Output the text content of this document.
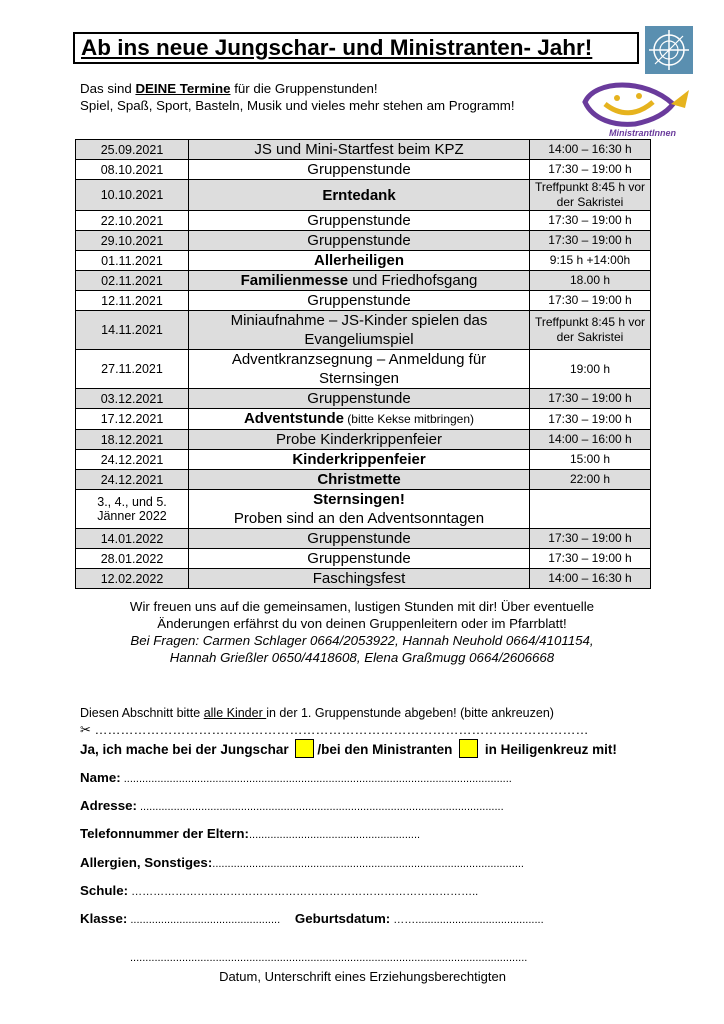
Ab ins neue Jungschar- und Ministranten- Jahr!
Das sind DEINE Termine für die Gruppenstunden!
Spiel, Spaß, Sport, Basteln, Musik und vieles mehr stehen am Programm!
MinistrantInnen
25.09.2021	JS und Mini-Startfest beim KPZ	14:00 – 16:30 h
08.10.2021	Gruppenstunde	17:30 – 19:00 h
10.10.2021	Erntedank	Treffpunkt 8:45 h vor der Sakristei
22.10.2021	Gruppenstunde	17:30 – 19:00 h
29.10.2021	Gruppenstunde	17:30 – 19:00 h
01.11.2021	Allerheiligen	9:15 h +14:00h
02.11.2021	Familienmesse und Friedhofsgang	18.00 h
12.11.2021	Gruppenstunde	17:30 – 19:00 h
14.11.2021	Miniaufnahme – JS-Kinder spielen das Evangeliumspiel	Treffpunkt 8:45 h vor der Sakristei
27.11.2021	Adventkranzsegnung – Anmeldung für Sternsingen	19:00 h
03.12.2021	Gruppenstunde	17:30 – 19:00 h
17.12.2021	Adventstunde (bitte Kekse mitbringen)	17:30 – 19:00 h
18.12.2021	Probe Kinderkrippenfeier	14:00 – 16:00 h
24.12.2021	Kinderkrippenfeier	15:00 h
24.12.2021	Christmette	22:00 h
3., 4., und 5. Jänner 2022	Sternsingen!
Proben sind an den Adventsonntagen	

14.01.2022	Gruppenstunde	17:30 – 19:00 h
28.01.2022	Gruppenstunde	17:30 – 19:00 h
12.02.2022	Faschingsfest	14:00 – 16:30 h
Wir freuen uns auf die gemeinsamen, lustigen Stunden mit dir! Über eventuelle
Änderungen erfährst du von deinen Gruppenleitern oder im Pfarrblatt!
Bei Fragen: Carmen Schlager 0664/2053922, Hannah Neuhold 0664/4101154,
Hannah Grießler 0650/4418608, Elena Graßmugg 0664/2606668
Diesen Abschnitt bitte alle Kinder in der 1. Gruppenstunde abgeben! (bitte ankreuzen)
✂ ……………………………………………………………………………………………………
Ja, ich mache bei der Jungschar /bei den Ministranten  in Heiligenkreuz mit!
Name: ...............................................................................................................................
Adresse: .......................................................................................................................
Telefonnummer der Eltern:........................................................
Allergien, Sonstiges:......................................................................................................
Schule: …………………………………………………………………………………..
Klasse: ................................................. Geburtsdatum: ……..........................................
..................................................................................................................................
Datum, Unterschrift eines Erziehungsberechtigten
